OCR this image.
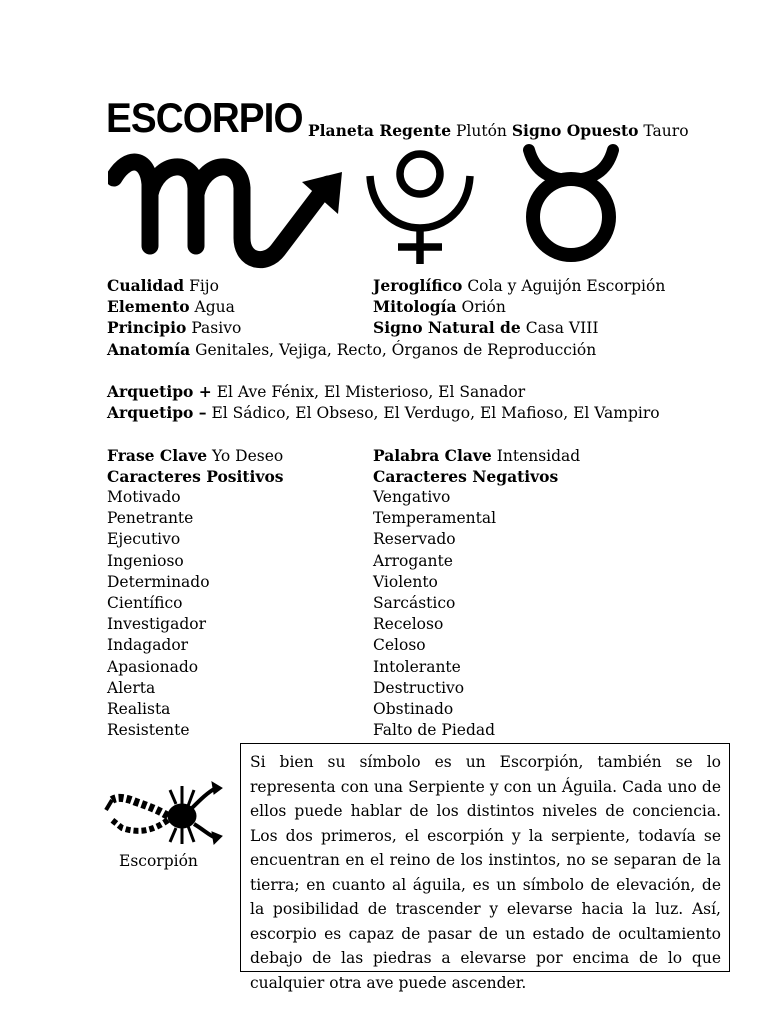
ESCORPIO Planeta Regente Plutón Signo Opuesto Tauro
Cualidad Fijo
Elemento Agua
Principio Pasivo
Jeroglífico Cola y Aguijón Escorpión
Mitología Orión
Signo Natural de Casa VIII
Anatomía Genitales, Vejiga, Recto, Órganos de Reproducción
Arquetipo + El Ave Fénix, El Misterioso, El Sanador
Arquetipo – El Sádico, El Obseso, El Verdugo, El Mafioso, El Vampiro
Frase Clave Yo Deseo	Palabra Clave Intensidad
Caracteres Positivos	Caracteres Negativos
Motivado
Penetrante
Ejecutivo
Ingenioso
Determinado
Científico
Investigador
Indagador
Apasionado
Alerta
Realista
Resistente
Vengativo
Temperamental
Reservado
Arrogante
Violento
Sarcástico
Receloso
Celoso
Intolerante
Destructivo
Obstinado
Falto de Piedad
Escorpión
Si bien su símbolo es un Escorpión, también se lo representa con una Serpiente y con un Águila. Cada uno de ellos puede hablar de los distintos niveles de conciencia. Los dos primeros, el escorpión y la serpiente, todavía se encuentran en el reino de los instintos, no se separan de la tierra; en cuanto al águila, es un símbolo de elevación, de la posibilidad de trascender y elevarse hacia la luz. Así, escorpio es capaz de pasar de un estado de ocultamiento debajo de las piedras a elevarse por encima de lo que cualquier otra ave puede ascender.
